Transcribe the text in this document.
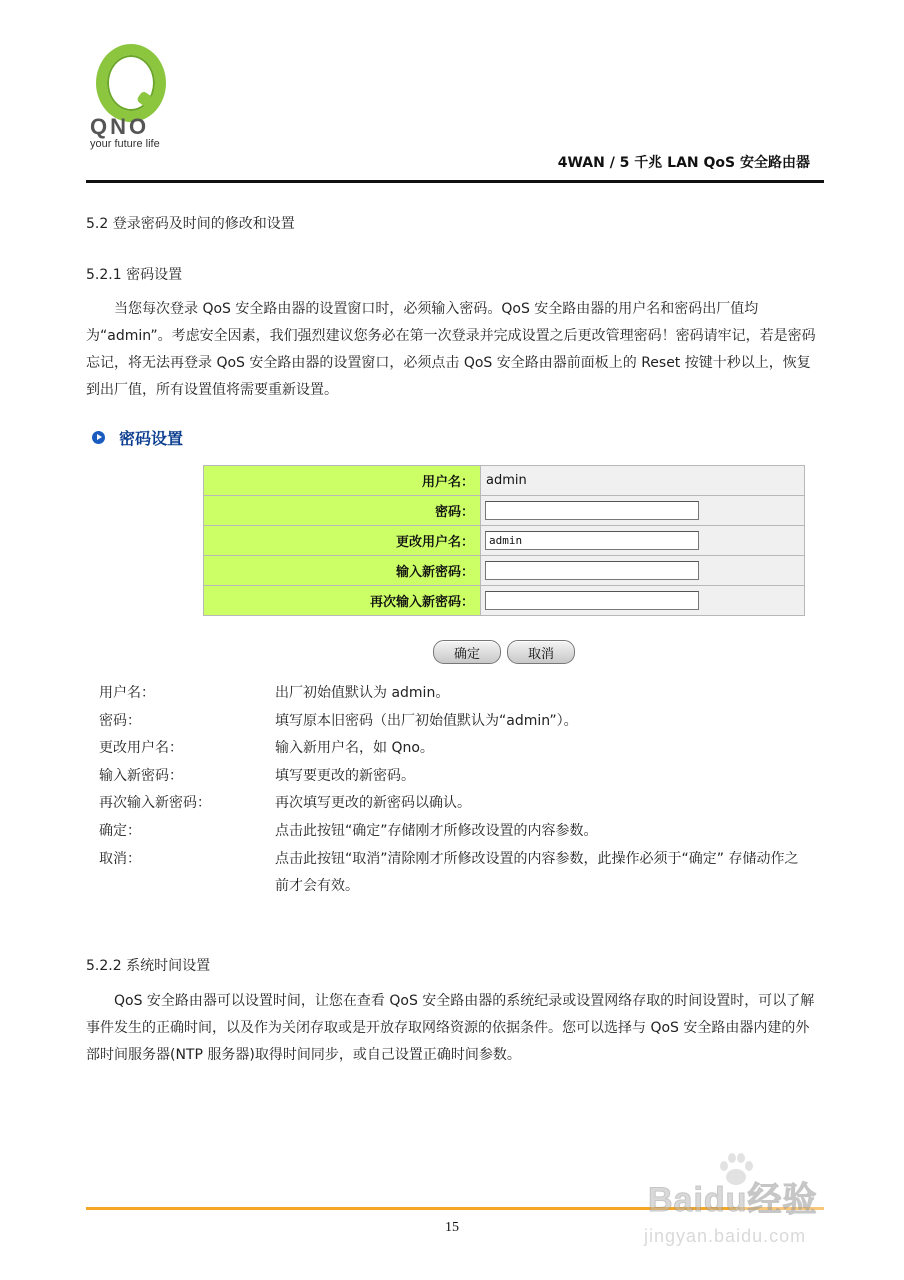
QNO
your future life
4WAN / 5 千兆 LAN QoS 安全路由器
5.2 登录密码及时间的修改和设置
5.2.1 密码设置

当您每次登录 QoS 安全路由器的设置窗口时，必须输入密码。QoS 安全路由器的用户名和密码出厂值均为“admin”。考虑安全因素，我们强烈建议您务必在第一次登录并完成设置之后更改管理密码！密码请牢记，若是密码忘记，将无法再登录 QoS 安全路由器的设置窗口，必须点击 QoS 安全路由器前面板上的 Reset 按键十秒以上，恢复到出厂值，所有设置值将需要重新设置。

密码设置
用户名：	admin
密码：	
更改用户名：	admin
输入新密码：	
再次输入新密码：	
确定	取消
用户名：	出厂初始值默认为 admin。
密码：	填写原本旧密码（出厂初始值默认为“admin”）。
更改用户名：	输入新用户名，如 Qno。
输入新密码：	填写要更改的新密码。
再次输入新密码：	再次填写更改的新密码以确认。
确定：	点击此按钮“确定”存储刚才所修改设置的内容参数。
取消：	点击此按钮“取消”清除刚才所修改设置的内容参数，此操作必须于“确定” 存储动作之前才会有效。
5.2.2 系统时间设置

QoS 安全路由器可以设置时间，让您在查看 QoS 安全路由器的系统纪录或设置网络存取的时间设置时，可以了解事件发生的正确时间，以及作为关闭存取或是开放存取网络资源的依据条件。您可以选择与 QoS 安全路由器内建的外部时间服务器(NTP 服务器)取得时间同步，或自己设置正确时间参数。

15
Baidu经验
jingyan.baidu.com
